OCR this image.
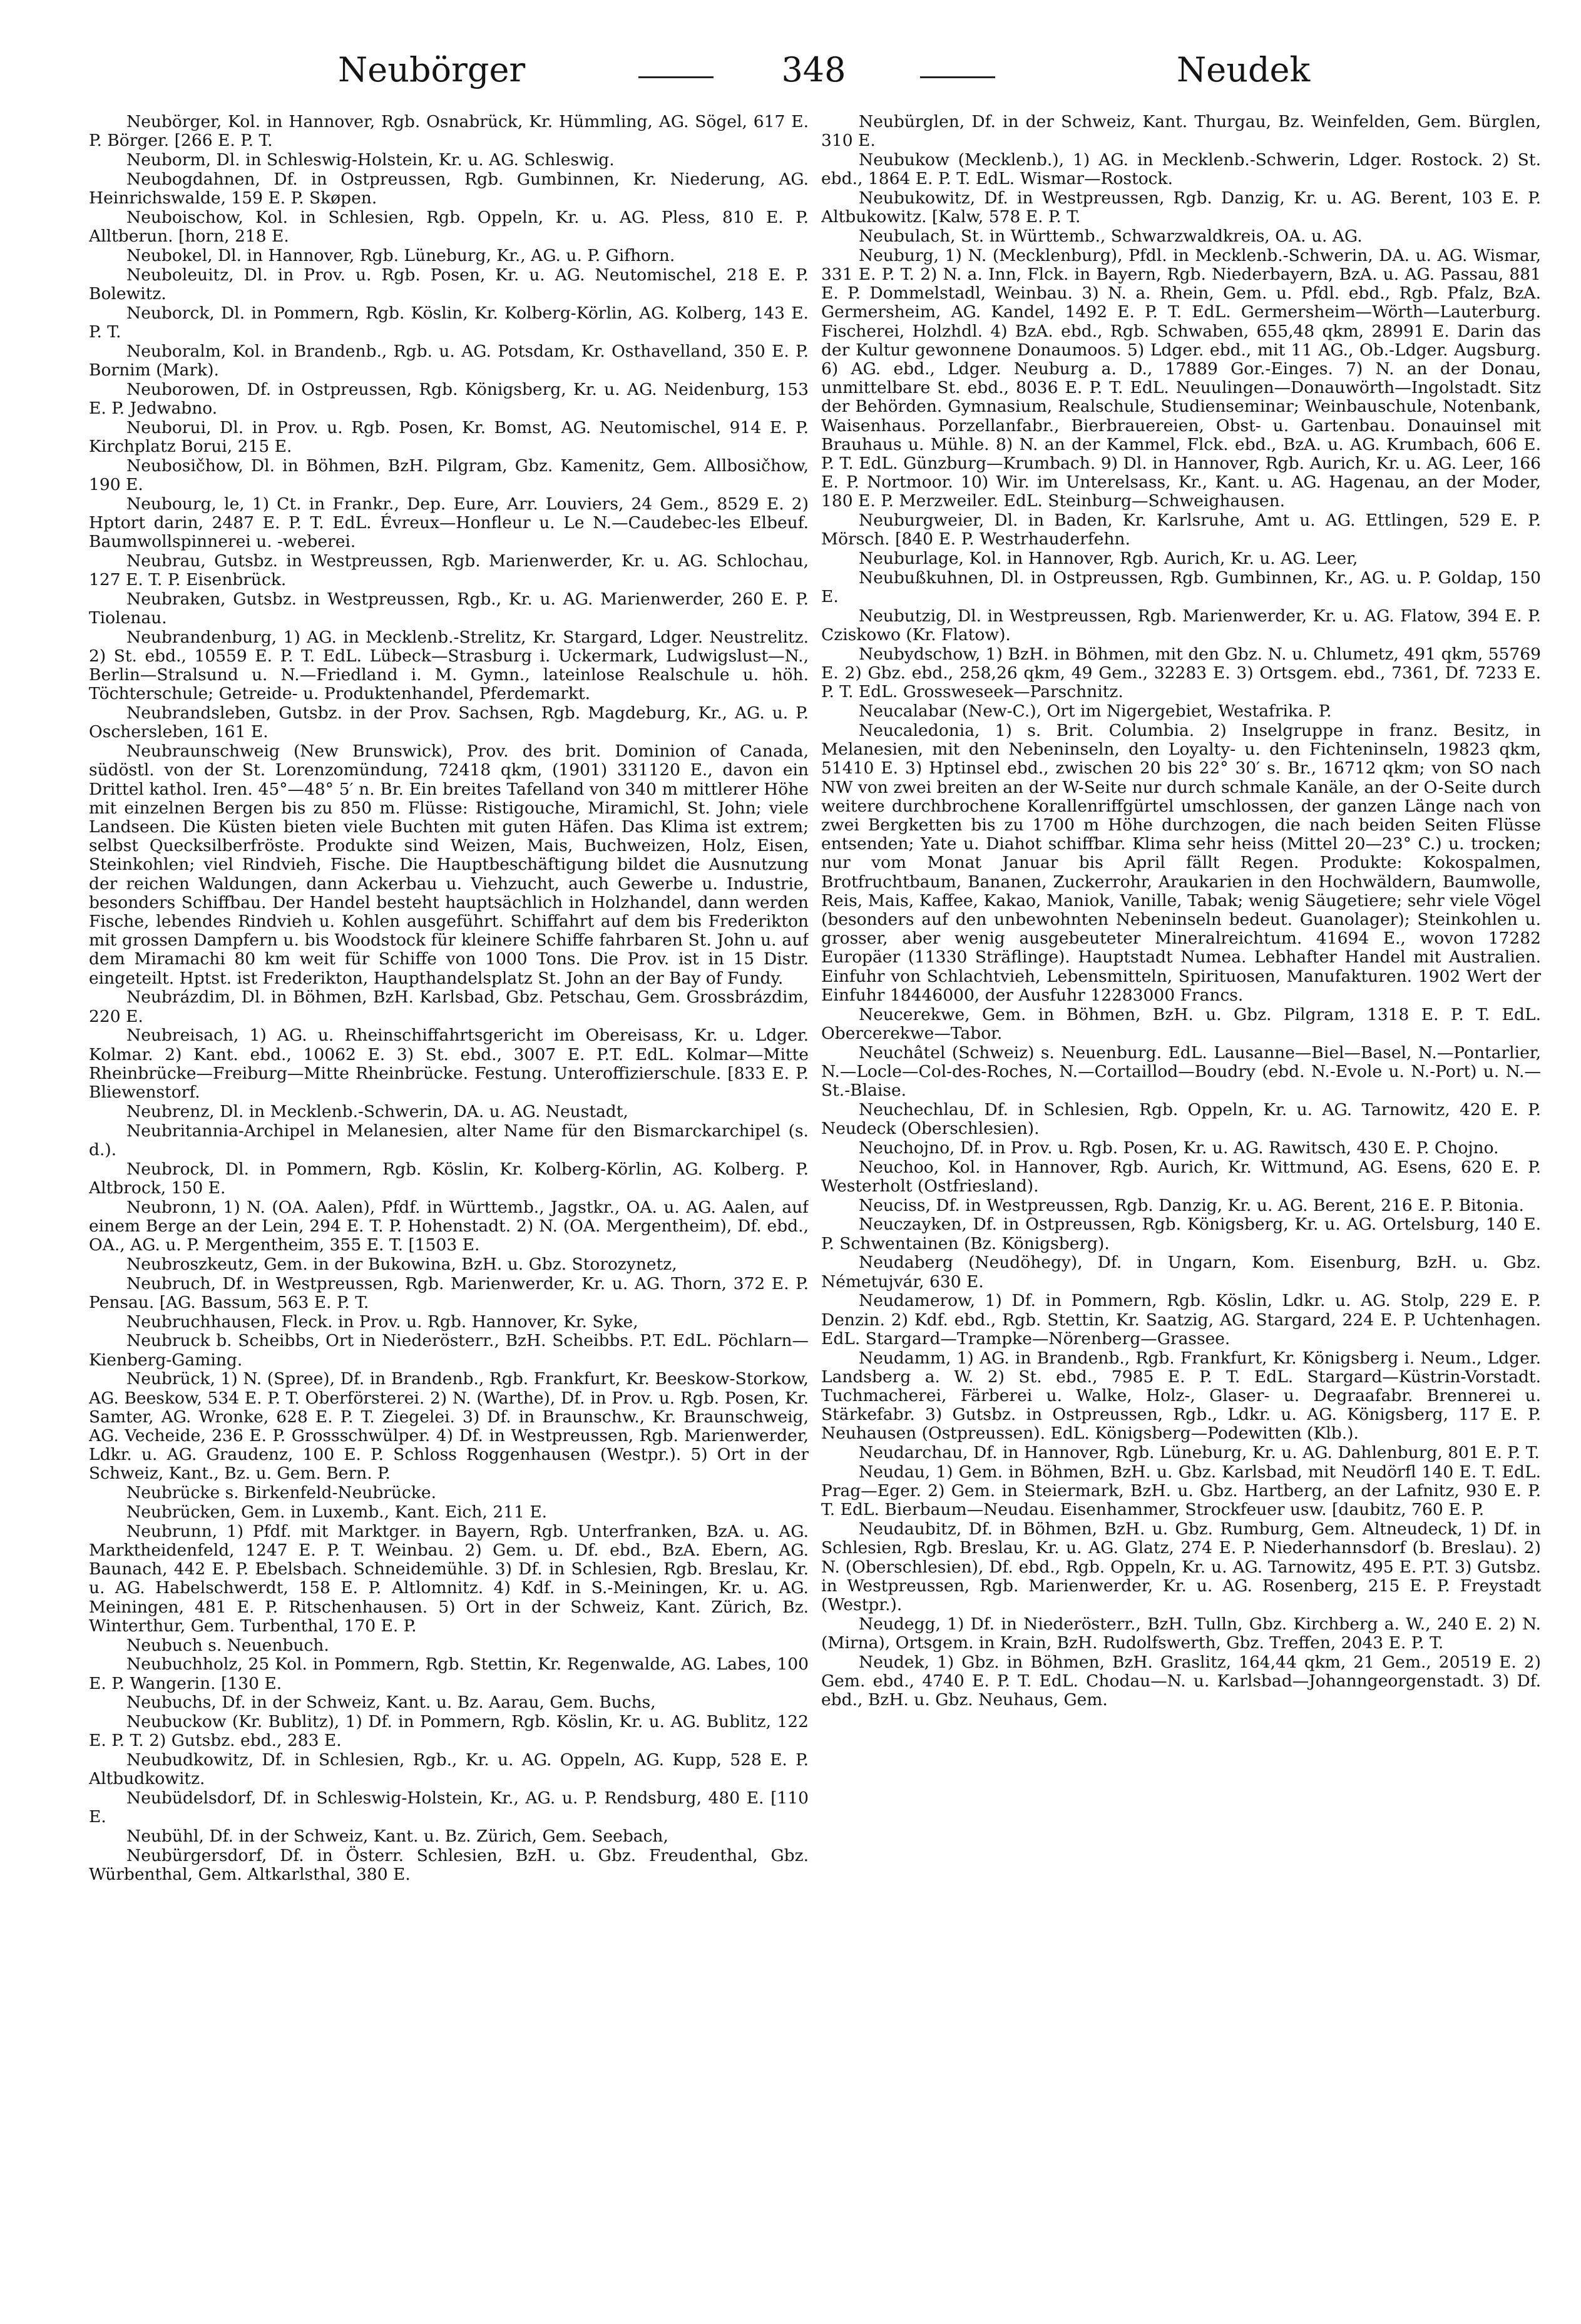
Neubörger	348	Neudek

Neubörger, Kol. in Hannover, Rgb. Osnabrück, Kr. Hümmling, AG. Sögel, 617 E. P. Börger. [266 E. P. T.

Neuborm, Dl. in Schleswig-Holstein, Kr. u. AG. Schleswig.

Neubogdahnen, Df. in Ostpreussen, Rgb. Gumbinnen, Kr. Niederung, AG. Heinrichswalde, 159 E. P. Skøpen.

Neuboischow, Kol. in Schlesien, Rgb. Oppeln, Kr. u. AG. Pless, 810 E. P. Alltberun. [horn, 218 E.

Neubokel, Dl. in Hannover, Rgb. Lüneburg, Kr., AG. u. P. Gifhorn.

Neuboleuitz, Dl. in Prov. u. Rgb. Posen, Kr. u. AG. Neutomischel, 218 E. P. Bolewitz.

Neuborck, Dl. in Pommern, Rgb. Köslin, Kr. Kolberg-Körlin, AG. Kolberg, 143 E. P. T.

Neuboralm, Kol. in Brandenb., Rgb. u. AG. Potsdam, Kr. Osthavelland, 350 E. P. Bornim (Mark).

Neuborowen, Df. in Ostpreussen, Rgb. Königsberg, Kr. u. AG. Neidenburg, 153 E. P. Jedwabno.

Neuborui, Dl. in Prov. u. Rgb. Posen, Kr. Bomst, AG. Neutomischel, 914 E. P. Kirchplatz Borui, 215 E.

Neubosičhow, Dl. in Böhmen, BzH. Pilgram, Gbz. Kamenitz, Gem. Allbosičhow, 190 E.

Neubourg, le, 1) Ct. in Frankr., Dep. Eure, Arr. Louviers, 24 Gem., 8529 E. 2) Hptort darin, 2487 E. P. T. EdL. Évreux—Honfleur u. Le N.—Caudebec-les Elbeuf. Baumwollspinnerei u. -weberei.

Neubrau, Gutsbz. in Westpreussen, Rgb. Marienwerder, Kr. u. AG. Schlochau, 127 E. T. P. Eisenbrück.

Neubraken, Gutsbz. in Westpreussen, Rgb., Kr. u. AG. Marienwerder, 260 E. P. Tiolenau.

Neubrandenburg, 1) AG. in Mecklenb.-Strelitz, Kr. Stargard, Ldger. Neustrelitz. 2) St. ebd., 10559 E. P. T. EdL. Lübeck—Strasburg i. Uckermark, Ludwigslust—N., Berlin—Stralsund u. N.—Friedland i. M. Gymn., lateinlose Realschule u. höh. Töchterschule; Getreide- u. Produktenhandel, Pferdemarkt.

Neubrandsleben, Gutsbz. in der Prov. Sachsen, Rgb. Magdeburg, Kr., AG. u. P. Oschersleben, 161 E.

Neubraunschweig (New Brunswick), Prov. des brit. Dominion of Canada, südöstl. von der St. Lorenzomündung, 72418 qkm, (1901) 331120 E., davon ein Drittel kathol. Iren. 45°—48° 5′ n. Br. Ein breites Tafelland von 340 m mittlerer Höhe mit einzelnen Bergen bis zu 850 m. Flüsse: Ristigouche, Miramichl, St. John; viele Landseen. Die Küsten bieten viele Buchten mit guten Häfen. Das Klima ist extrem; selbst Quecksilberfröste. Produkte sind Weizen, Mais, Buchweizen, Holz, Eisen, Steinkohlen; viel Rindvieh, Fische. Die Hauptbeschäftigung bildet die Ausnutzung der reichen Waldungen, dann Ackerbau u. Viehzucht, auch Gewerbe u. Industrie, besonders Schiffbau. Der Handel besteht hauptsächlich in Holzhandel, dann werden Fische, lebendes Rindvieh u. Kohlen ausgeführt. Schiffahrt auf dem bis Frederikton mit grossen Dampfern u. bis Woodstock für kleinere Schiffe fahrbaren St. John u. auf dem Miramachi 80 km weit für Schiffe von 1000 Tons. Die Prov. ist in 15 Distr. eingeteilt. Hptst. ist Frederikton, Haupthandelsplatz St. John an der Bay of Fundy.

Neubrázdim, Dl. in Böhmen, BzH. Karlsbad, Gbz. Petschau, Gem. Grossbrázdim, 220 E.

Neubreisach, 1) AG. u. Rheinschiffahrtsgericht im Obereisass, Kr. u. Ldger. Kolmar. 2) Kant. ebd., 10062 E. 3) St. ebd., 3007 E. P.T. EdL. Kolmar—Mitte Rheinbrücke—Freiburg—Mitte Rheinbrücke. Festung. Unteroffizierschule. [833 E. P. Bliewenstorf.

Neubrenz, Dl. in Mecklenb.-Schwerin, DA. u. AG. Neustadt,

Neubritannia-Archipel in Melanesien, alter Name für den Bismarckarchipel (s. d.).

Neubrock, Dl. in Pommern, Rgb. Köslin, Kr. Kolberg-Körlin, AG. Kolberg. P. Altbrock, 150 E.

Neubronn, 1) N. (OA. Aalen), Pfdf. in Württemb., Jagstkr., OA. u. AG. Aalen, auf einem Berge an der Lein, 294 E. T. P. Hohenstadt. 2) N. (OA. Mergentheim), Df. ebd., OA., AG. u. P. Mergentheim, 355 E. T. [1503 E.

Neubroszkeutz, Gem. in der Bukowina, BzH. u. Gbz. Storozynetz,

Neubruch, Df. in Westpreussen, Rgb. Marienwerder, Kr. u. AG. Thorn, 372 E. P. Pensau. [AG. Bassum, 563 E. P. T.

Neubruchhausen, Fleck. in Prov. u. Rgb. Hannover, Kr. Syke,

Neubruck b. Scheibbs, Ort in Niederösterr., BzH. Scheibbs. P.T. EdL. Pöchlarn—Kienberg-Gaming.

Neubrück, 1) N. (Spree), Df. in Brandenb., Rgb. Frankfurt, Kr. Beeskow-Storkow, AG. Beeskow, 534 E. P. T. Oberförsterei. 2) N. (Warthe), Df. in Prov. u. Rgb. Posen, Kr. Samter, AG. Wronke, 628 E. P. T. Ziegelei. 3) Df. in Braunschw., Kr. Braunschweig, AG. Vecheide, 236 E. P. Grossschwülper. 4) Df. in Westpreussen, Rgb. Marienwerder, Ldkr. u. AG. Graudenz, 100 E. P. Schloss Roggenhausen (Westpr.). 5) Ort in der Schweiz, Kant., Bz. u. Gem. Bern. P.

Neubrücke s. Birkenfeld-Neubrücke.

Neubrücken, Gem. in Luxemb., Kant. Eich, 211 E.

Neubrunn, 1) Pfdf. mit Marktger. in Bayern, Rgb. Unterfranken, BzA. u. AG. Marktheidenfeld, 1247 E. P. T. Weinbau. 2) Gem. u. Df. ebd., BzA. Ebern, AG. Baunach, 442 E. P. Ebelsbach. Schneidemühle. 3) Df. in Schlesien, Rgb. Breslau, Kr. u. AG. Habelschwerdt, 158 E. P. Altlomnitz. 4) Kdf. in S.-Meiningen, Kr. u. AG. Meiningen, 481 E. P. Ritschenhausen. 5) Ort in der Schweiz, Kant. Zürich, Bz. Winterthur, Gem. Turbenthal, 170 E. P.

Neubuch s. Neuenbuch.

Neubuchholz, 25 Kol. in Pommern, Rgb. Stettin, Kr. Regenwalde, AG. Labes, 100 E. P. Wangerin. [130 E.

Neubuchs, Df. in der Schweiz, Kant. u. Bz. Aarau, Gem. Buchs,

Neubuckow (Kr. Bublitz), 1) Df. in Pommern, Rgb. Köslin, Kr. u. AG. Bublitz, 122 E. P. T. 2) Gutsbz. ebd., 283 E.

Neubudkowitz, Df. in Schlesien, Rgb., Kr. u. AG. Oppeln, AG. Kupp, 528 E. P. Altbudkowitz.

Neubüdelsdorf, Df. in Schleswig-Holstein, Kr., AG. u. P. Rendsburg, 480 E. [110 E.

Neubühl, Df. in der Schweiz, Kant. u. Bz. Zürich, Gem. Seebach,

Neubürgersdorf, Df. in Österr. Schlesien, BzH. u. Gbz. Freudenthal, Gbz. Würbenthal, Gem. Altkarlsthal, 380 E.

Neubürglen, Df. in der Schweiz, Kant. Thurgau, Bz. Weinfelden, Gem. Bürglen, 310 E.

Neubukow (Mecklenb.), 1) AG. in Mecklenb.-Schwerin, Ldger. Rostock. 2) St. ebd., 1864 E. P. T. EdL. Wismar—Rostock.

Neubukowitz, Df. in Westpreussen, Rgb. Danzig, Kr. u. AG. Berent, 103 E. P. Altbukowitz. [Kalw, 578 E. P. T.

Neubulach, St. in Württemb., Schwarzwaldkreis, OA. u. AG.

Neuburg, 1) N. (Mecklenburg), Pfdl. in Mecklenb.-Schwerin, DA. u. AG. Wismar, 331 E. P. T. 2) N. a. Inn, Flck. in Bayern, Rgb. Niederbayern, BzA. u. AG. Passau, 881 E. P. Dommelstadl, Weinbau. 3) N. a. Rhein, Gem. u. Pfdl. ebd., Rgb. Pfalz, BzA. Germersheim, AG. Kandel, 1492 E. P. T. EdL. Germersheim—Wörth—Lauterburg. Fischerei, Holzhdl. 4) BzA. ebd., Rgb. Schwaben, 655,48 qkm, 28991 E. Darin das der Kultur gewonnene Donaumoos. 5) Ldger. ebd., mit 11 AG., Ob.-Ldger. Augsburg. 6) AG. ebd., Ldger. Neuburg a. D., 17889 Gor.-Einges. 7) N. an der Donau, unmittelbare St. ebd., 8036 E. P. T. EdL. Neuulingen—Donauwörth—Ingolstadt. Sitz der Behörden. Gymnasium, Realschule, Studienseminar; Weinbauschule, Notenbank, Waisenhaus. Porzellanfabr., Bierbrauereien, Obst- u. Gartenbau. Donauinsel mit Brauhaus u. Mühle. 8) N. an der Kammel, Flck. ebd., BzA. u. AG. Krumbach, 606 E. P. T. EdL. Günzburg—Krumbach. 9) Dl. in Hannover, Rgb. Aurich, Kr. u. AG. Leer, 166 E. P. Nortmoor. 10) Wir. im Unterelsass, Kr., Kant. u. AG. Hagenau, an der Moder, 180 E. P. Merzweiler. EdL. Steinburg—Schweighausen.

Neuburgweier, Dl. in Baden, Kr. Karlsruhe, Amt u. AG. Ettlingen, 529 E. P. Mörsch. [840 E. P. Westrhauderfehn.

Neuburlage, Kol. in Hannover, Rgb. Aurich, Kr. u. AG. Leer,

Neubußkuhnen, Dl. in Ostpreussen, Rgb. Gumbinnen, Kr., AG. u. P. Goldap, 150 E.

Neubutzig, Dl. in Westpreussen, Rgb. Marienwerder, Kr. u. AG. Flatow, 394 E. P. Cziskowo (Kr. Flatow).

Neubydschow, 1) BzH. in Böhmen, mit den Gbz. N. u. Chlumetz, 491 qkm, 55769 E. 2) Gbz. ebd., 258,26 qkm, 49 Gem., 32283 E. 3) Ortsgem. ebd., 7361, Df. 7233 E. P. T. EdL. Grossweseek—Parschnitz.

Neucalabar (New-C.), Ort im Nigergebiet, Westafrika. P.

Neucaledonia, 1) s. Brit. Columbia. 2) Inselgruppe in franz. Besitz, in Melanesien, mit den Nebeninseln, den Loyalty- u. den Fichteninseln, 19823 qkm, 51410 E. 3) Hptinsel ebd., zwischen 20 bis 22° 30′ s. Br., 16712 qkm; von SO nach NW von zwei breiten an der W-Seite nur durch schmale Kanäle, an der O-Seite durch weitere durchbrochene Korallenriffgürtel umschlossen, der ganzen Länge nach von zwei Bergketten bis zu 1700 m Höhe durchzogen, die nach beiden Seiten Flüsse entsenden; Yate u. Diahot schiffbar. Klima sehr heiss (Mittel 20—23° C.) u. trocken; nur vom Monat Januar bis April fällt Regen. Produkte: Kokospalmen, Brotfruchtbaum, Bananen, Zuckerrohr, Araukarien in den Hochwäldern, Baumwolle, Reis, Mais, Kaffee, Kakao, Maniok, Vanille, Tabak; wenig Säugetiere; sehr viele Vögel (besonders auf den unbewohnten Nebeninseln bedeut. Guanolager); Steinkohlen u. grosser, aber wenig ausgebeuteter Mineralreichtum. 41694 E., wovon 17282 Europäer (11330 Sträflinge). Hauptstadt Numea. Lebhafter Handel mit Australien. Einfuhr von Schlachtvieh, Lebensmitteln, Spirituosen, Manufakturen. 1902 Wert der Einfuhr 18446000, der Ausfuhr 12283000 Francs.

Neucerekwe, Gem. in Böhmen, BzH. u. Gbz. Pilgram, 1318 E. P. T. EdL. Obercerekwe—Tabor.

Neuchâtel (Schweiz) s. Neuenburg. EdL. Lausanne—Biel—Basel, N.—Pontarlier, N.—Locle—Col-des-Roches, N.—Cortaillod—Boudry (ebd. N.-Evole u. N.-Port) u. N.—St.-Blaise.

Neuchechlau, Df. in Schlesien, Rgb. Oppeln, Kr. u. AG. Tarnowitz, 420 E. P. Neudeck (Oberschlesien).

Neuchojno, Df. in Prov. u. Rgb. Posen, Kr. u. AG. Rawitsch, 430 E. P. Chojno.

Neuchoo, Kol. in Hannover, Rgb. Aurich, Kr. Wittmund, AG. Esens, 620 E. P. Westerholt (Ostfriesland).

Neuciss, Df. in Westpreussen, Rgb. Danzig, Kr. u. AG. Berent, 216 E. P. Bitonia.

Neuczayken, Df. in Ostpreussen, Rgb. Königsberg, Kr. u. AG. Ortelsburg, 140 E. P. Schwentainen (Bz. Königsberg).

Neudaberg (Neudöhegy), Df. in Ungarn, Kom. Eisenburg, BzH. u. Gbz. Németujvár, 630 E.

Neudamerow, 1) Df. in Pommern, Rgb. Köslin, Ldkr. u. AG. Stolp, 229 E. P. Denzin. 2) Kdf. ebd., Rgb. Stettin, Kr. Saatzig, AG. Stargard, 224 E. P. Uchtenhagen. EdL. Stargard—Trampke—Nörenberg—Grassee.

Neudamm, 1) AG. in Brandenb., Rgb. Frankfurt, Kr. Königsberg i. Neum., Ldger. Landsberg a. W. 2) St. ebd., 7985 E. P. T. EdL. Stargard—Küstrin-Vorstadt. Tuchmacherei, Färberei u. Walke, Holz-, Glaser- u. Degraafabr. Brennerei u. Stärkefabr. 3) Gutsbz. in Ostpreussen, Rgb., Ldkr. u. AG. Königsberg, 117 E. P. Neuhausen (Ostpreussen). EdL. Königsberg—Podewitten (Klb.).

Neudarchau, Df. in Hannover, Rgb. Lüneburg, Kr. u. AG. Dahlenburg, 801 E. P. T.

Neudau, 1) Gem. in Böhmen, BzH. u. Gbz. Karlsbad, mit Neudörfl 140 E. T. EdL. Prag—Eger. 2) Gem. in Steiermark, BzH. u. Gbz. Hartberg, an der Lafnitz, 930 E. P. T. EdL. Bierbaum—Neudau. Eisenhammer, Strockfeuer usw. [daubitz, 760 E. P.

Neudaubitz, Df. in Böhmen, BzH. u. Gbz. Rumburg, Gem. Altneudeck, 1) Df. in Schlesien, Rgb. Breslau, Kr. u. AG. Glatz, 274 E. P. Niederhannsdorf (b. Breslau). 2) N. (Oberschlesien), Df. ebd., Rgb. Oppeln, Kr. u. AG. Tarnowitz, 495 E. P.T. 3) Gutsbz. in Westpreussen, Rgb. Marienwerder, Kr. u. AG. Rosenberg, 215 E. P. Freystadt (Westpr.).

Neudegg, 1) Df. in Niederösterr., BzH. Tulln, Gbz. Kirchberg a. W., 240 E. 2) N. (Mirna), Ortsgem. in Krain, BzH. Rudolfswerth, Gbz. Treffen, 2043 E. P. T.

Neudek, 1) Gbz. in Böhmen, BzH. Graslitz, 164,44 qkm, 21 Gem., 20519 E. 2) Gem. ebd., 4740 E. P. T. EdL. Chodau—N. u. Karlsbad—Johanngeorgenstadt. 3) Df. ebd., BzH. u. Gbz. Neuhaus, Gem.
